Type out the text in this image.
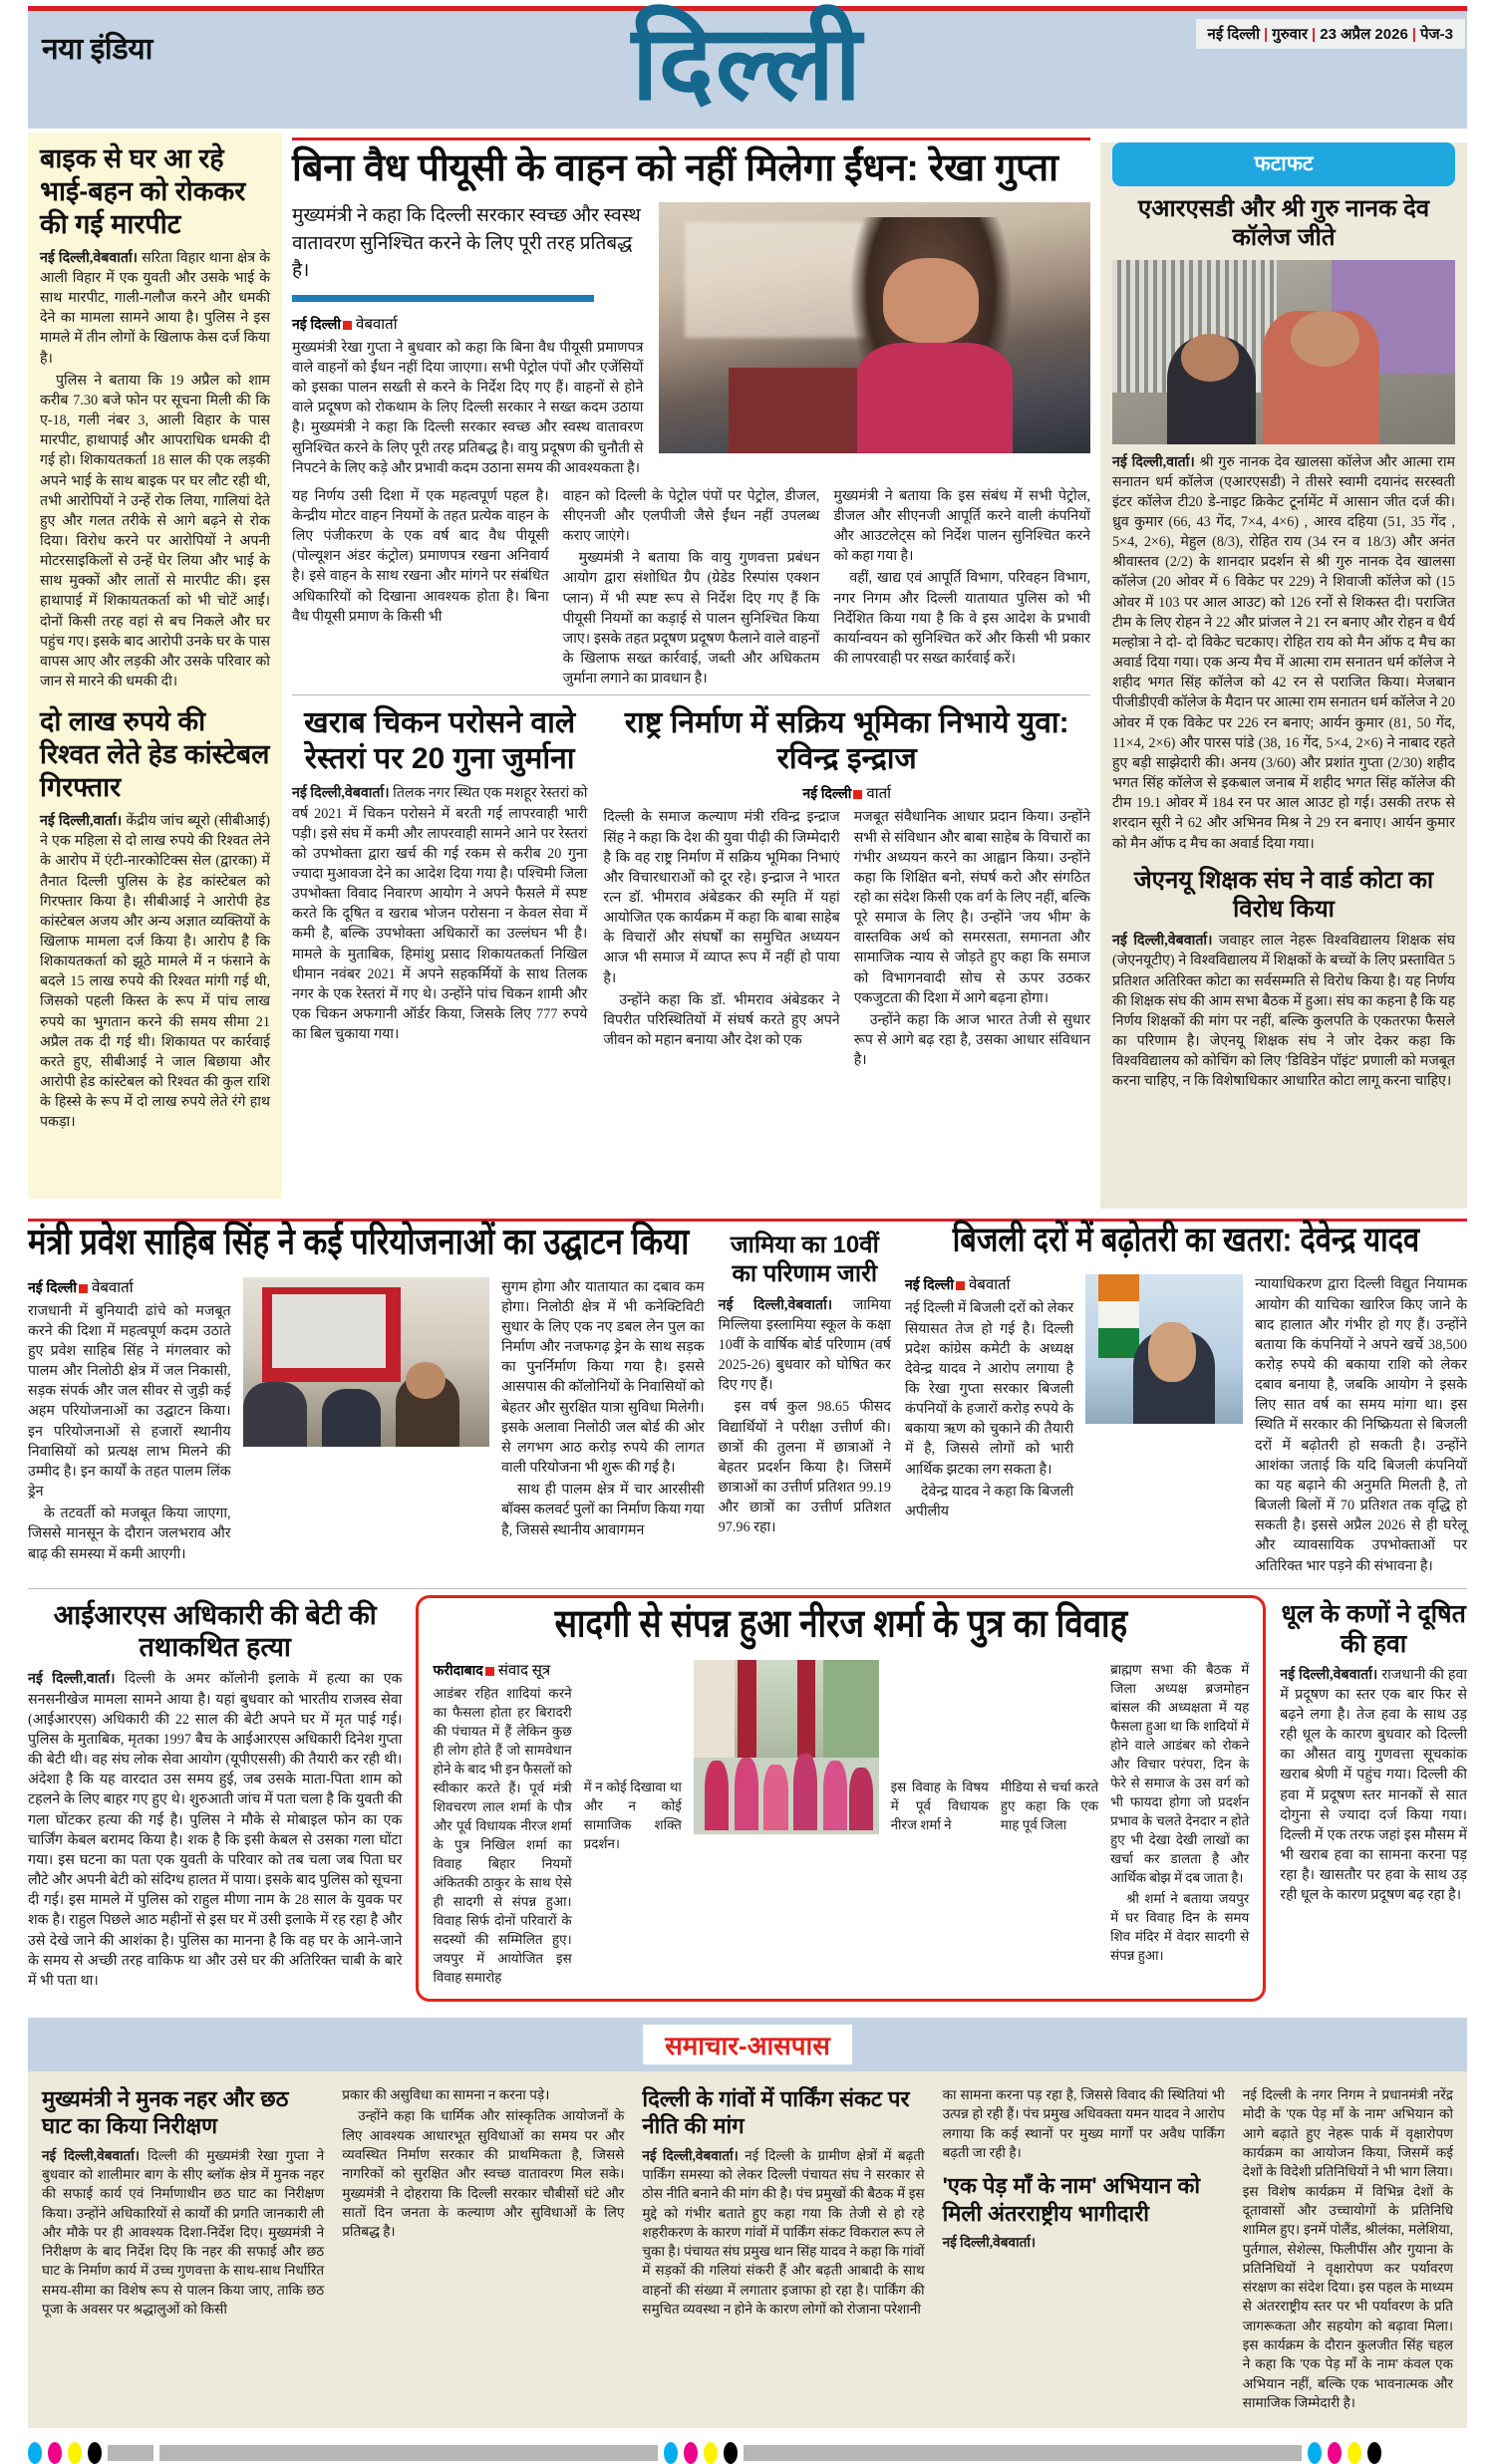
नया इंडिया	दिल्ली	नई दिल्ली | गुरुवार | 23 अप्रैल 2026 | पेज-3
बाइक से घर आ रहे भाई-बहन को रोककर की गई मारपीट

नई दिल्ली,वेबवार्ता। सरिता विहार थाना क्षेत्र के आली विहार में एक युवती और उसके भाई के साथ मारपीट, गाली-गलौज करने और धमकी देने का मामला सामने आया है। पुलिस ने इस मामले में तीन लोगों के खिलाफ केस दर्ज किया है।

पुलिस ने बताया कि 19 अप्रैल को शाम करीब 7.30 बजे फोन पर सूचना मिली की कि ए-18, गली नंबर 3, आली विहार के पास मारपीट, हाथापाई और आपराधिक धमकी दी गई हो। शिकायतकर्ता 18 साल की एक लड़की अपने भाई के साथ बाइक पर घर लौट रही थी, तभी आरोपियों ने उन्हें रोक लिया, गालियां देते हुए और गलत तरीके से आगे बढ़ने से रोक दिया। विरोध करने पर आरोपियों ने अपनी मोटरसाइकिलों से उन्हें घेर लिया और भाई के साथ मुक्कों और लातों से मारपीट की। इस हाथापाई में शिकायतकर्ता को भी चोटें आईं। दोनों किसी तरह वहां से बच निकले और घर पहुंच गए। इसके बाद आरोपी उनके घर के पास वापस आए और लड़की और उसके परिवार को जान से मारने की धमकी दी।

दो लाख रुपये की रिश्वत लेते हेड कांस्टेबल गिरफ्तार

नई दिल्ली,वार्ता। केंद्रीय जांच ब्यूरो (सीबीआई) ने एक महिला से दो लाख रुपये की रिश्वत लेने के आरोप में एंटी-नारकोटिक्स सेल (द्वारका) में तैनात दिल्ली पुलिस के हेड कांस्टेबल को गिरफ्तार किया है। सीबीआई ने आरोपी हेड कांस्टेबल अजय और अन्य अज्ञात व्यक्तियों के खिलाफ मामला दर्ज किया है। आरोप है कि शिकायतकर्ता को झूठे मामले में न फंसाने के बदले 15 लाख रुपये की रिश्वत मांगी गई थी, जिसको पहली किस्त के रूप में पांच लाख रुपये का भुगतान करने की समय सीमा 21 अप्रैल तक दी गई थी। शिकायत पर कार्रवाई करते हुए, सीबीआई ने जाल बिछाया और आरोपी हेड कांस्टेबल को रिश्वत की कुल राशि के हिस्से के रूप में दो लाख रुपये लेते रंगे हाथ पकड़ा।

बिना वैध पीयूसी के वाहन को नहीं मिलेगा ईंधन: रेखा गुप्ता
मुख्यमंत्री ने कहा कि दिल्ली सरकार स्वच्छ और स्वस्थ वातावरण सुनिश्चित करने के लिए पूरी तरह प्रतिबद्ध है।
नई दिल्ली वेबवार्ता

मुख्यमंत्री रेखा गुप्ता ने बुधवार को कहा कि बिना वैध पीयूसी प्रमाणपत्र वाले वाहनों को ईंधन नहीं दिया जाएगा। सभी पेट्रोल पंपों और एजेंसियों को इसका पालन सख्ती से करने के निर्देश दिए गए हैं। वाहनों से होने वाले प्रदूषण को रोकथाम के लिए दिल्ली सरकार ने सख्त कदम उठाया है। मुख्यमंत्री ने कहा कि दिल्ली सरकार स्वच्छ और स्वस्थ वातावरण सुनिश्चित करने के लिए पूरी तरह प्रतिबद्ध है। वायु प्रदूषण की चुनौती से निपटने के लिए कड़े और प्रभावी कदम उठाना समय की आवश्यकता है।

यह निर्णय उसी दिशा में एक महत्वपूर्ण पहल है। केन्द्रीय मोटर वाहन नियमों के तहत प्रत्येक वाहन के लिए पंजीकरण के एक वर्ष बाद वैध पीयूसी (पोल्यूशन अंडर कंट्रोल) प्रमाणपत्र रखना अनिवार्य है। इसे वाहन के साथ रखना और मांगने पर संबंधित अधिकारियों को दिखाना आवश्यक होता है। बिना वैध पीयूसी प्रमाण के किसी भी

वाहन को दिल्ली के पेट्रोल पंपों पर पेट्रोल, डीजल, सीएनजी और एलपीजी जैसे ईंधन नहीं उपलब्ध कराए जाएंगे।

मुख्यमंत्री ने बताया कि वायु गुणवत्ता प्रबंधन आयोग द्वारा संशोधित ग्रैप (ग्रेडेड रिस्पांस एक्शन प्लान) में भी स्पष्ट रूप से निर्देश दिए गए हैं कि पीयूसी नियमों का कड़ाई से पालन सुनिश्चित किया जाए। इसके तहत प्रदूषण प्रदूषण फैलाने वाले वाहनों के खिलाफ सख्त कार्रवाई, जब्ती और अधिकतम जुर्माना लगाने का प्रावधान है।

मुख्यमंत्री ने बताया कि इस संबंध में सभी पेट्रोल, डीजल और सीएनजी आपूर्ति करने वाली कंपनियों और आउटलेट्स को निर्देश पालन सुनिश्चित करने को कहा गया है।

वहीं, खाद्य एवं आपूर्ति विभाग, परिवहन विभाग, नगर निगम और दिल्ली यातायात पुलिस को भी निर्देशित किया गया है कि वे इस आदेश के प्रभावी कार्यान्वयन को सुनिश्चित करें और किसी भी प्रकार की लापरवाही पर सख्त कार्रवाई करें।

खराब चिकन परोसने वाले रेस्तरां पर 20 गुना जुर्माना

नई दिल्ली,वेबवार्ता। तिलक नगर स्थित एक मशहूर रेस्तरां को वर्ष 2021 में चिकन परोसने में बरती गई लापरवाही भारी पड़ी। इसे संघ में कमी और लापरवाही सामने आने पर रेस्तरां को उपभोक्ता द्वारा खर्च की गई रकम से करीब 20 गुना ज्यादा मुआवजा देने का आदेश दिया गया है। पश्चिमी जिला उपभोक्ता विवाद निवारण आयोग ने अपने फैसले में स्पष्ट करते कि दूषित व खराब भोजन परोसना न केवल सेवा में कमी है, बल्कि उपभोक्ता अधिकारों का उल्लंघन भी है। मामले के मुताबिक, हिमांशु प्रसाद शिकायतकर्ता निखिल धीमान नवंबर 2021 में अपने सहकर्मियों के साथ तिलक नगर के एक रेस्तरां में गए थे। उन्होंने पांच चिकन शामी और एक चिकन अफगानी ऑर्डर किया, जिसके लिए 777 रुपये का बिल चुकाया गया।

राष्ट्र निर्माण में सक्रिय भूमिका निभाये युवा: रविन्द्र इन्द्राज
नई दिल्ली वार्ता

दिल्ली के समाज कल्याण मंत्री रविन्द्र इन्द्राज सिंह ने कहा कि देश की युवा पीढ़ी की जिम्मेदारी है कि वह राष्ट्र निर्माण में सक्रिय भूमिका निभाएं और विचारधाराओं को दूर रहे। इन्द्राज ने भारत रत्न डॉ. भीमराव अंबेडकर की स्मृति में यहां आयोजित एक कार्यक्रम में कहा कि बाबा साहेब के विचारों और संघर्षों का समुचित अध्ययन आज भी समाज में व्याप्त रूप में नहीं हो पाया है।

उन्होंने कहा कि डॉ. भीमराव अंबेडकर ने विपरीत परिस्थितियों में संघर्ष करते हुए अपने जीवन को महान बनाया और देश को एक

मजबूत संवैधानिक आधार प्रदान किया। उन्होंने सभी से संविधान और बाबा साहेब के विचारों का गंभीर अध्ययन करने का आह्वान किया। उन्होंने कहा कि शिक्षित बनो, संघर्ष करो और संगठित रहो का संदेश किसी एक वर्ग के लिए नहीं, बल्कि पूरे समाज के लिए है। उन्होंने 'जय भीम' के वास्तविक अर्थ को समरसता, समानता और सामाजिक न्याय से जोड़ते हुए कहा कि समाज को विभागनवादी सोच से ऊपर उठकर एकजुटता की दिशा में आगे बढ़ना होगा।

उन्होंने कहा कि आज भारत तेजी से सुधार रूप से आगे बढ़ रहा है, उसका आधार संविधान है।

फटाफट
एआरएसडी और श्री गुरु नानक देव कॉलेज जीते

नई दिल्ली,वार्ता। श्री गुरु नानक देव खालसा कॉलेज और आत्मा राम सनातन धर्म कॉलेज (एआरएसडी) ने तीसरे स्वामी दयानंद सरस्वती इंटर कॉलेज टी20 डे-नाइट क्रिकेट टूर्नामेंट में आसान जीत दर्ज की। ध्रुव कुमार (66, 43 गेंद, 7×4, 4×6) , आरव दहिया (51, 35 गेंद , 5×4, 2×6), मेहुल (8/3), रोहित राय (34 रन व 18/3) और अनंत श्रीवास्तव (2/2) के शानदार प्रदर्शन से श्री गुरु नानक देव खालसा कॉलेज (20 ओवर में 6 विकेट पर 229) ने शिवाजी कॉलेज को (15 ओवर में 103 पर आल आउट) को 126 रनों से शिकस्त दी। पराजित टीम के लिए रोहन ने 22 और प्रांजल ने 21 रन बनाए और रोहन व धैर्य मल्होत्रा ने दो- दो विकेट चटकाए। रोहित राय को मैन ऑफ द मैच का अवार्ड दिया गया। एक अन्य मैच में आत्मा राम सनातन धर्म कॉलेज ने शहीद भगत सिंह कॉलेज को 42 रन से पराजित किया। मेजबान पीजीडीएवी कॉलेज के मैदान पर आत्मा राम सनातन धर्म कॉलेज ने 20 ओवर में एक विकेट पर 226 रन बनाए; आर्यन कुमार (81, 50 गेंद, 11×4, 2×6) और पारस पांडे (38, 16 गेंद, 5×4, 2×6) ने नाबाद रहते हुए बड़ी साझेदारी की। अनय (3/60) और प्रशांत गुप्ता (2/30) शहीद भगत सिंह कॉलेज से इकबाल जनाब में शहीद भगत सिंह कॉलेज की टीम 19.1 ओवर में 184 रन पर आल आउट हो गई। उसकी तरफ से शरदान सूरी ने 62 और अभिनव मिश्र ने 29 रन बनाए। आर्यन कुमार को मैन ऑफ द मैच का अवार्ड दिया गया।

जेएनयू शिक्षक संघ ने वार्ड कोटा का विरोध किया

नई दिल्ली,वेबवार्ता। जवाहर लाल नेहरू विश्वविद्यालय शिक्षक संघ (जेएनयूटीए) ने विश्वविद्यालय में शिक्षकों के बच्चों के लिए प्रस्तावित 5 प्रतिशत अतिरिक्त कोटा का सर्वसम्मति से विरोध किया है। यह निर्णय की शिक्षक संघ की आम सभा बैठक में हुआ। संघ का कहना है कि यह निर्णय शिक्षकों की मांग पर नहीं, बल्कि कुलपति के एकतरफा फैसले का परिणाम है। जेएनयू शिक्षक संघ ने जोर देकर कहा कि विश्वविद्यालय को कोचिंग को लिए 'डिविडेन पॉइंट' प्रणाली को मजबूत करना चाहिए, न कि विशेषाधिकार आधारित कोटा लागू करना चाहिए।

मंत्री प्रवेश साहिब सिंह ने कई परियोजनाओं का उद्घाटन किया
नई दिल्ली वेबवार्ता

राजधानी में बुनियादी ढांचे को मजबूत करने की दिशा में महत्वपूर्ण कदम उठाते हुए प्रवेश साहिब सिंह ने मंगलवार को पालम और निलोठी क्षेत्र में जल निकासी, सड़क संपर्क और जल सीवर से जुड़ी कई अहम परियोजनाओं का उद्घाटन किया। इन परियोजनाओं से हजारों स्थानीय निवासियों को प्रत्यक्ष लाभ मिलने की उम्मीद है। इन कार्यों के तहत पालम लिंक ड्रेन

के तटवर्ती को मजबूत किया जाएगा, जिससे मानसून के दौरान जलभराव और बाढ़ की समस्या में कमी आएगी।

सुगम होगा और यातायात का दबाव कम होगा। निलोठी क्षेत्र में भी कनेक्टिविटी सुधार के लिए एक नए डबल लेन पुल का निर्माण और नजफगढ़ ड्रेन के साथ सड़क का पुनर्निर्माण किया गया है। इससे आसपास की कॉलोनियों के निवासियों को बेहतर और सुरक्षित यात्रा सुविधा मिलेगी। इसके अलावा निलोठी जल बोर्ड की ओर से लगभग आठ करोड़ रुपये की लागत वाली परियोजना भी शुरू की गई है।

साथ ही पालम क्षेत्र में चार आरसीसी बॉक्स कलवर्ट पुलों का निर्माण किया गया है, जिससे स्थानीय आवागमन

जामिया का 10वीं का परिणाम जारी

नई दिल्ली,वेबवार्ता। जामिया मिल्लिया इस्लामिया स्कूल के कक्षा 10वीं के वार्षिक बोर्ड परिणाम (वर्ष 2025-26) बुधवार को घोषित कर दिए गए हैं।

इस वर्ष कुल 98.65 फीसद विद्यार्थियों ने परीक्षा उत्तीर्ण की। छात्रों की तुलना में छात्राओं ने बेहतर प्रदर्शन किया है। जिसमें छात्राओं का उत्तीर्ण प्रतिशत 99.19 और छात्रों का उत्तीर्ण प्रतिशत 97.96 रहा।

बिजली दरों में बढ़ोतरी का खतरा: देवेन्द्र यादव
नई दिल्ली वेबवार्ता

नई दिल्ली में बिजली दरों को लेकर सियासत तेज हो गई है। दिल्ली प्रदेश कांग्रेस कमेटी के अध्यक्ष देवेन्द्र यादव ने आरोप लगाया है कि रेखा गुप्ता सरकार बिजली कंपनियों के हजारों करोड़ रुपये के बकाया ऋण को चुकाने की तैयारी में है, जिससे लोगों को भारी आर्थिक झटका लग सकता है।

देवेन्द्र यादव ने कहा कि बिजली अपीलीय

न्यायाधिकरण द्वारा दिल्ली विद्युत नियामक आयोग की याचिका खारिज किए जाने के बाद हालात और गंभीर हो गए हैं। उन्होंने बताया कि कंपनियों ने अपने खर्चे 38,500 करोड़ रुपये की बकाया राशि को लेकर दबाव बनाया है, जबकि आयोग ने इसके लिए सात वर्ष का समय मांगा था। इस स्थिति में सरकार की निष्क्रियता से बिजली दरों में बढ़ोतरी हो सकती है। उन्होंने आशंका जताई कि यदि बिजली कंपनियों का यह बढ़ाने की अनुमति मिलती है, तो बिजली बिलों में 70 प्रतिशत तक वृद्धि हो सकती है। इससे अप्रैल 2026 से ही घरेलू और व्यावसायिक उपभोक्ताओं पर अतिरिक्त भार पड़ने की संभावना है।

आईआरएस अधिकारी की बेटी की तथाकथित हत्या

नई दिल्ली,वार्ता। दिल्ली के अमर कॉलोनी इलाके में हत्या का एक सनसनीखेज मामला सामने आया है। यहां बुधवार को भारतीय राजस्व सेवा (आईआरएस) अधिकारी की 22 साल की बेटी अपने घर में मृत पाई गई। पुलिस के मुताबिक, मृतका 1997 बैच के आईआरएस अधिकारी दिनेश गुप्ता की बेटी थी। वह संघ लोक सेवा आयोग (यूपीएससी) की तैयारी कर रही थी। अंदेशा है कि यह वारदात उस समय हुई, जब उसके माता-पिता शाम को टहलने के लिए बाहर गए हुए थे। शुरुआती जांच में पता चला है कि युवती की गला घोंटकर हत्या की गई है। पुलिस ने मौके से मोबाइल फोन का एक चार्जिंग केबल बरामद किया है। शक है कि इसी केबल से उसका गला घोंटा गया। इस घटना का पता एक युवती के परिवार को तब चला जब पिता घर लौटे और अपनी बेटी को संदिग्ध हालत में पाया। इसके बाद पुलिस को सूचना दी गई। इस मामले में पुलिस को राहुल मीणा नाम के 28 साल के युवक पर शक है। राहुल पिछले आठ महीनों से इस घर में उसी इलाके में रह रहा है और उसे देखे जाने की आशंका है। पुलिस का मानना है कि वह घर के आने-जाने के समय से अच्छी तरह वाकिफ था और उसे घर की अतिरिक्त चाबी के बारे में भी पता था।

सादगी से संपन्न हुआ नीरज शर्मा के पुत्र का विवाह
फरीदाबाद संवाद सूत्र

आडंबर रहित शादियां करने का फैसला होता हर बिरादरी की पंचायत में हैं लेकिन कुछ ही लोग होते हैं जो सामवेधान होने के बाद भी इन फैसलों को स्वीकार करते हैं। पूर्व मंत्री शिवचरण लाल शर्मा के पौत्र और पूर्व विधायक नीरज शर्मा के पुत्र निखिल शर्मा का विवाह बिहार नियमों अंकितकी ठाकुर के साथ ऐसे ही सादगी से संपन्न हुआ। विवाह सिर्फ दोनों परिवारों के सदस्यों की सम्मिलित हुए। जयपुर में आयोजित इस विवाह समारोह

में न कोई दिखावा था और न कोई सामाजिक शक्ति प्रदर्शन।

इस विवाह के विषय में पूर्व विधायक नीरज शर्मा ने

मीडिया से चर्चा करते हुए कहा कि एक माह पूर्व जिला

ब्राह्मण सभा की बैठक में जिला अध्यक्ष ब्रजमोहन बांसल की अध्यक्षता में यह फैसला हुआ था कि शादियों में होने वाले आडंबर को रोकने और विचार परंपरा, दिन के फेरे से समाज के उस वर्ग को भी फायदा होगा जो प्रदर्शन प्रभाव के चलते देनदार न होते हुए भी देखा देखी लाखों का खर्चा कर डालता है और आर्थिक बोझ में दब जाता है।

श्री शर्मा ने बताया जयपुर में घर विवाह दिन के समय शिव मंदिर में वेदार सादगी से संपन्न हुआ।

धूल के कणों ने दूषित की हवा

नई दिल्ली,वेबवार्ता। राजधानी की हवा में प्रदूषण का स्तर एक बार फिर से बढ़ने लगा है। तेज हवा के साथ उड़ रही धूल के कारण बुधवार को दिल्ली का औसत वायु गुणवत्ता सूचकांक खराब श्रेणी में पहुंच गया। दिल्ली की हवा में प्रदूषण स्तर मानकों से सात दोगुना से ज्यादा दर्ज किया गया। दिल्ली में एक तरफ जहां इस मौसम में भी खराब हवा का सामना करना पड़ रहा है। खासतौर पर हवा के साथ उड़ रही धूल के कारण प्रदूषण बढ़ रहा है।

समाचार-आसपास
मुख्यमंत्री ने मुनक नहर और छठ घाट का किया निरीक्षण

नई दिल्ली,वेबवार्ता। दिल्ली की मुख्यमंत्री रेखा गुप्ता ने बुधवार को शालीमार बाग के सीए ब्लॉक क्षेत्र में मुनक नहर की सफाई कार्य एवं निर्माणाधीन छठ घाट का निरीक्षण किया। उन्होंने अधिकारियों से कार्यों की प्रगति जानकारी ली और मौके पर ही आवश्यक दिशा-निर्देश दिए। मुख्यमंत्री ने निरीक्षण के बाद निर्देश दिए कि नहर की सफाई और छठ घाट के निर्माण कार्य में उच्च गुणवत्ता के साथ-साथ निर्धारित समय-सीमा का विशेष रूप से पालन किया जाए, ताकि छठ पूजा के अवसर पर श्रद्धालुओं को किसी

प्रकार की असुविधा का सामना न करना पड़े।

उन्होंने कहा कि धार्मिक और सांस्कृतिक आयोजनों के लिए आवश्यक आधारभूत सुविधाओं का समय पर और व्यवस्थित निर्माण सरकार की प्राथमिकता है, जिससे नागरिकों को सुरक्षित और स्वच्छ वातावरण मिल सके। मुख्यमंत्री ने दोहराया कि दिल्ली सरकार चौबीसों घंटे और सातों दिन जनता के कल्याण और सुविधाओं के लिए प्रतिबद्ध है।

दिल्ली के गांवों में पार्किंग संकट पर नीति की मांग

नई दिल्ली,वेबवार्ता। नई दिल्ली के ग्रामीण क्षेत्रों में बढ़ती पार्किंग समस्या को लेकर दिल्ली पंचायत संघ ने सरकार से ठोस नीति बनाने की मांग की है। पंच प्रमुखों की बैठक में इस मुद्दे को गंभीर बताते हुए कहा गया कि तेजी से हो रहे शहरीकरण के कारण गांवों में पार्किंग संकट विकराल रूप ले चुका है। पंचायत संघ प्रमुख थान सिंह यादव ने कहा कि गांवों में सड़कों की गलियां संकरी हैं और बढ़ती आबादी के साथ वाहनों की संख्या में लगातार इजाफा हो रहा है। पार्किंग की समुचित व्यवस्था न होने के कारण लोगों को रोजाना परेशानी

का सामना करना पड़ रहा है, जिससे विवाद की स्थितियां भी उत्पन्न हो रही हैं। पंच प्रमुख अधिवक्ता यमन यादव ने आरोप लगाया कि कई स्थानों पर मुख्य मार्गों पर अवैध पार्किंग बढ़ती जा रही है।

'एक पेड़ माँ के नाम' अभियान को मिली अंतरराष्ट्रीय भागीदारी

नई दिल्ली,वेबवार्ता।

नई दिल्ली के नगर निगम ने प्रधानमंत्री नरेंद्र मोदी के 'एक पेड़ माँ के नाम' अभियान को आगे बढ़ाते हुए नेहरू पार्क में वृक्षारोपण कार्यक्रम का आयोजन किया, जिसमें कई देशों के विदेशी प्रतिनिधियों ने भी भाग लिया। इस विशेष कार्यक्रम में विभिन्न देशों के दूतावासों और उच्चायोगों के प्रतिनिधि शामिल हुए। इनमें पोलैंड, श्रीलंका, मलेशिया, पुर्तगाल, सेशेल्स, फिलीपींस और गुयाना के प्रतिनिधियों ने वृक्षारोपण कर पर्यावरण संरक्षण का संदेश दिया। इस पहल के माध्यम से अंतरराष्ट्रीय स्तर पर भी पर्यावरण के प्रति जागरूकता और सहयोग को बढ़ावा मिला। इस कार्यक्रम के दौरान कुलजीत सिंह चहल ने कहा कि 'एक पेड़ माँ के नाम' कंवल एक अभियान नहीं, बल्कि एक भावनात्मक और सामाजिक जिम्मेदारी है।
